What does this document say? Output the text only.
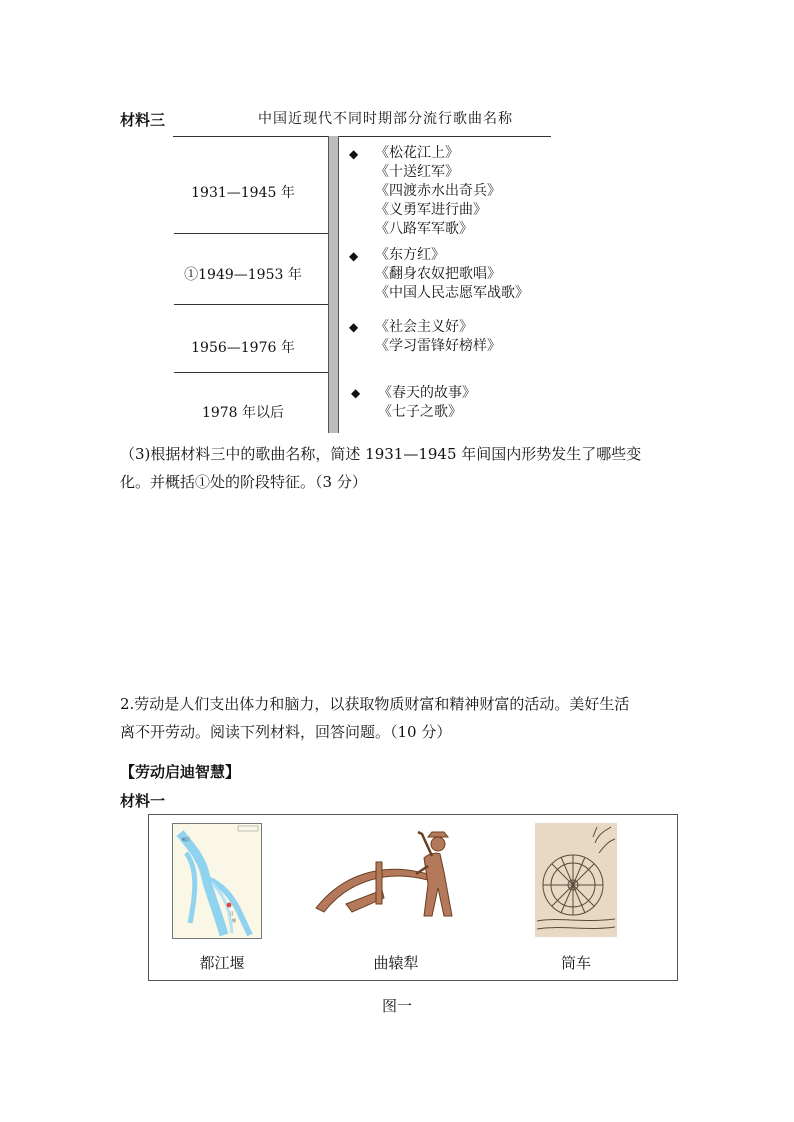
材料三	中国近现代不同时期部分流行歌曲名称
1931—1945 年
◆ 《松花江上》
《十送红军》
《四渡赤水出奇兵》
《义勇军进行曲》
《八路军军歌》
①1949—1953 年
◆ 《东方红》
《翻身农奴把歌唱》
《中国人民志愿军战歌》
1956—1976 年
◆ 《社会主义好》
《学习雷锋好榜样》
1978 年以后
◆ 《春天的故事》
《七子之歌》
（3)根据材料三中的歌曲名称，简述 1931—1945 年间国内形势发生了哪些变
化。并概括①处的阶段特征。（3 分）
2.劳动是人们支出体力和脑力，以获取物质财富和精神财富的活动。美好生活
离不开劳动。阅读下列材料，回答问题。（10 分）
【劳动启迪智慧】
材料一
江
堰
岷江
都江堰	曲辕犁	筒车
图一
